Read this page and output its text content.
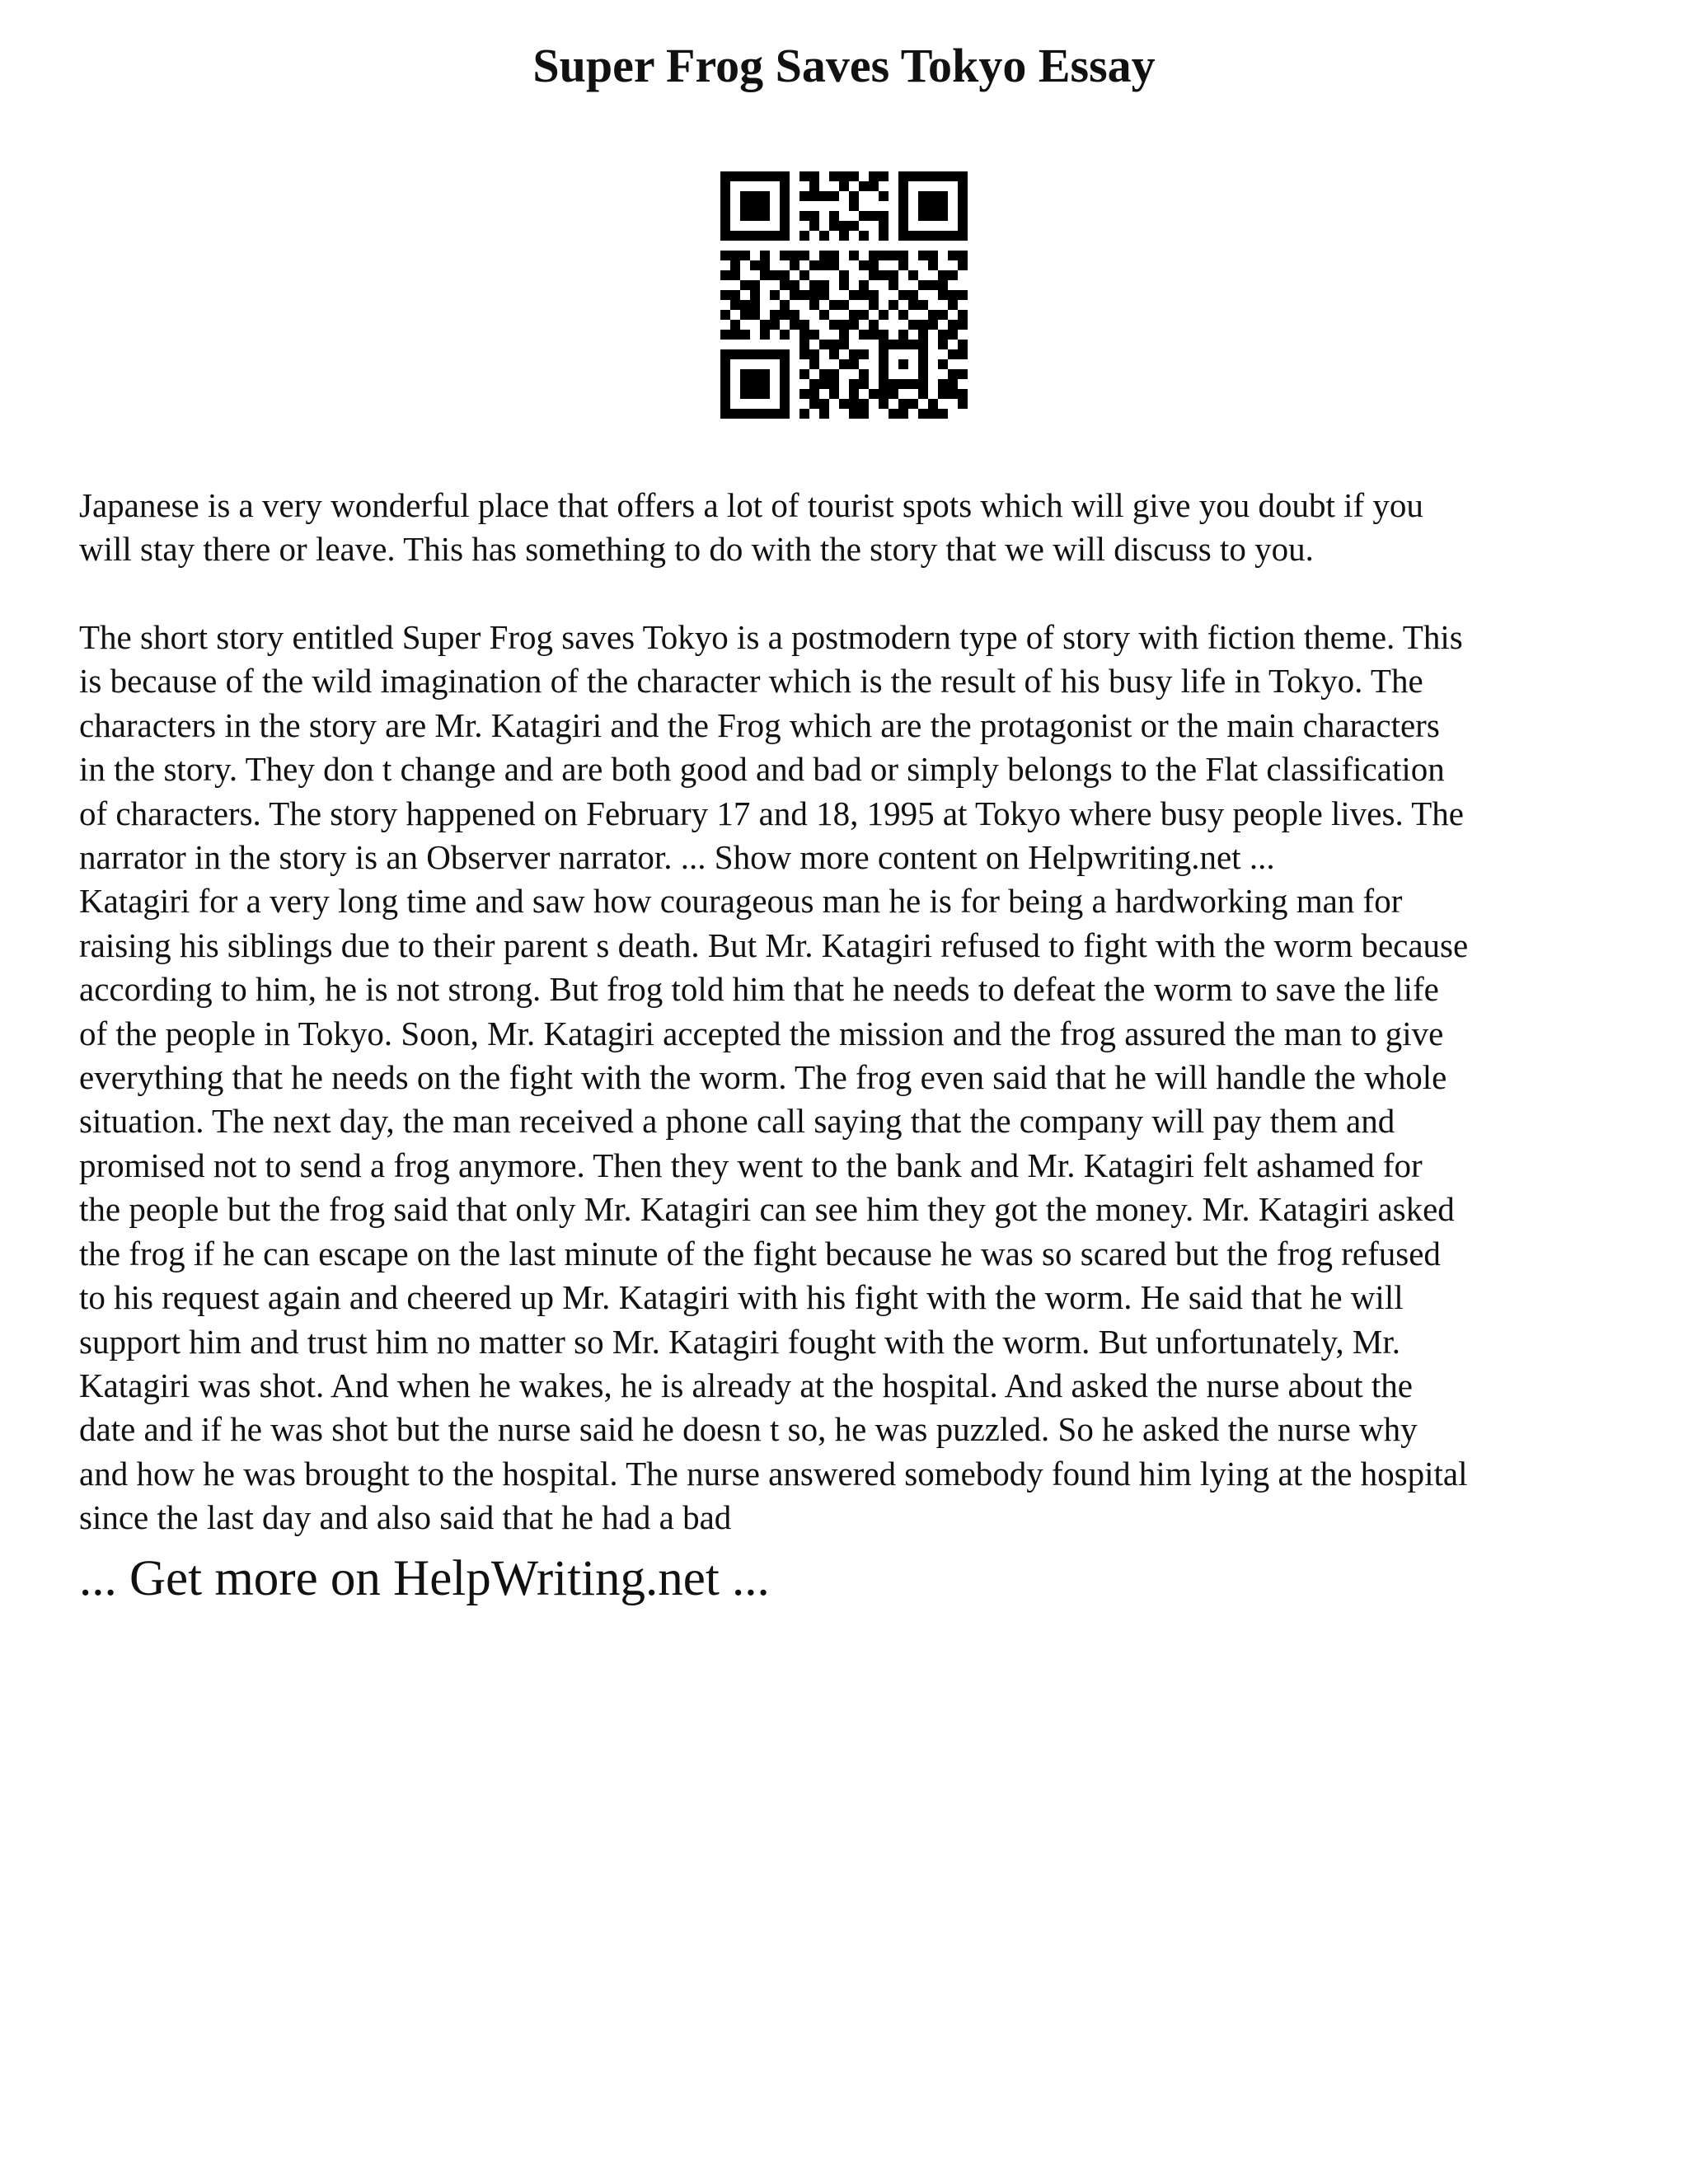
Super Frog Saves Tokyo Essay

Japanese is a very wonderful place that offers a lot of tourist spots which will give you doubt if you
will stay there or leave. This has something to do with the story that we will discuss to you.

The short story entitled Super Frog saves Tokyo is a postmodern type of story with fiction theme. This
is because of the wild imagination of the character which is the result of his busy life in Tokyo. The
characters in the story are Mr. Katagiri and the Frog which are the protagonist or the main characters
in the story. They don t change and are both good and bad or simply belongs to the Flat classification
of characters. The story happened on February 17 and 18, 1995 at Tokyo where busy people lives. The
narrator in the story is an Observer narrator. ... Show more content on Helpwriting.net ...
Katagiri for a very long time and saw how courageous man he is for being a hardworking man for
raising his siblings due to their parent s death. But Mr. Katagiri refused to fight with the worm because
according to him, he is not strong. But frog told him that he needs to defeat the worm to save the life
of the people in Tokyo. Soon, Mr. Katagiri accepted the mission and the frog assured the man to give
everything that he needs on the fight with the worm. The frog even said that he will handle the whole
situation. The next day, the man received a phone call saying that the company will pay them and
promised not to send a frog anymore. Then they went to the bank and Mr. Katagiri felt ashamed for
the people but the frog said that only Mr. Katagiri can see him they got the money. Mr. Katagiri asked
the frog if he can escape on the last minute of the fight because he was so scared but the frog refused
to his request again and cheered up Mr. Katagiri with his fight with the worm. He said that he will
support him and trust him no matter so Mr. Katagiri fought with the worm. But unfortunately, Mr.
Katagiri was shot. And when he wakes, he is already at the hospital. And asked the nurse about the
date and if he was shot but the nurse said he doesn t so, he was puzzled. So he asked the nurse why
and how he was brought to the hospital. The nurse answered somebody found him lying at the hospital
since the last day and also said that he had a bad

... Get more on HelpWriting.net ...
